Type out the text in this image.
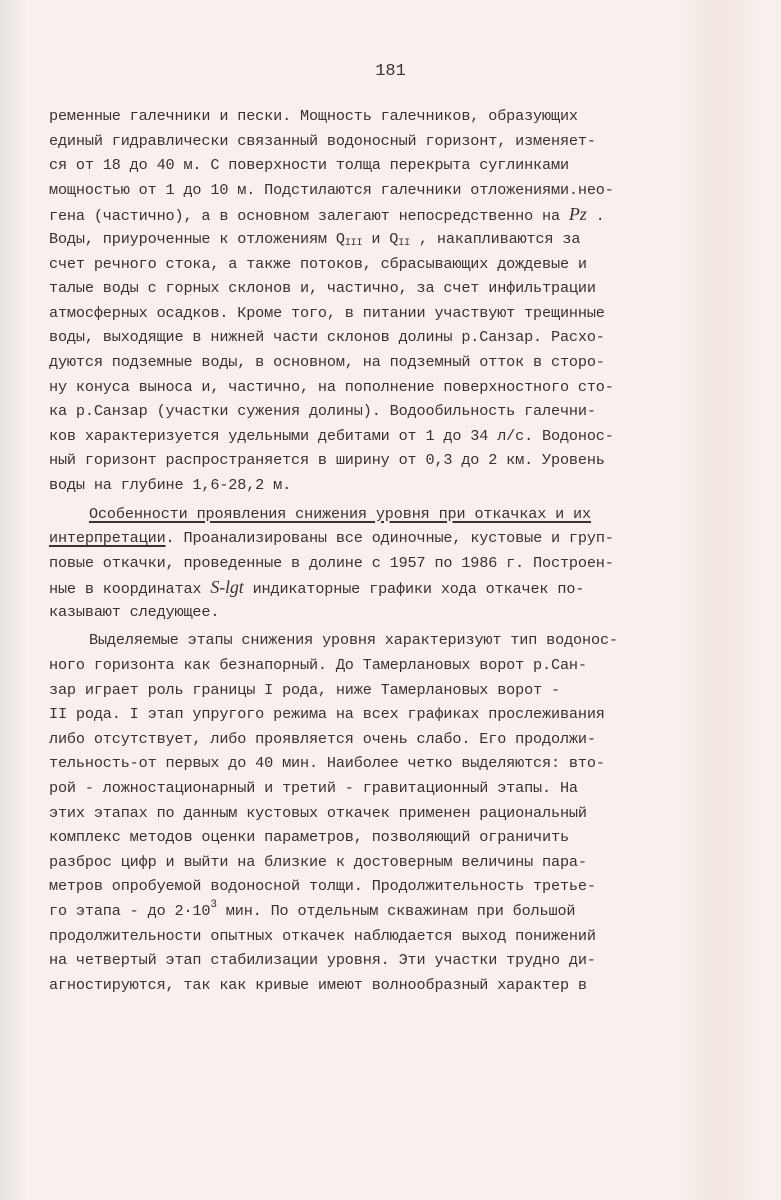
181
ременные галечники и пески. Мощность галечников, образующих
единый гидравлически связанный водоносный горизонт, изменяет-
ся от 18 до 40 м. С поверхности толща перекрыта суглинками
мощностью от 1 до 10 м. Подстилаются галечники отложениями.нео-
гена (частично), а в основном залегают непосредственно на Pz .
Воды, приуроченные к отложениям $Q_{III}$ и $Q_{II}$ , накапливаются за
счет речного стока, а также потоков, сбрасывающих дождевые и
талые воды с горных склонов и, частично, за счет инфильтрации
атмосферных осадков. Кроме того, в питании участвуют трещинные
воды, выходящие в нижней части склонов долины р.Санзар. Расхо-
дуются подземные воды, в основном, на подземный отток в сторо-
ну конуса выноса и, частично, на пополнение поверхностного сто-
ка р.Санзар (участки сужения долины). Водообильность галечни-
ков характеризуется удельными дебитами от 1 до 34 л/с. Водонос-
ный горизонт распространяется в ширину от 0,3 до 2 км. Уровень
воды на глубине 1,6-28,2 м.
Особенности проявления снижения уровня при откачках и их
интерпретации. Проанализированы все одиночные, кустовые и груп-
повые откачки, проведенные в долине с 1957 по 1986 г. Построен-
ные в координатах S-lgt индикаторные графики хода откачек по-
казывают следующее.
Выделяемые этапы снижения уровня характеризуют тип водонос-
ного горизонта как безнапорный. До Тамерлановых ворот р.Сан-
зар играет роль границы I рода, ниже Тамерлановых ворот -
II рода. I этап упругого режима на всех графиках прослеживания
либо отсутствует, либо проявляется очень слабо. Его продолжи-
тельность-от первых до 40 мин. Наиболее четко выделяются: вто-
рой - ложностационарный и третий - гравитационный этапы. На
этих этапах по данным кустовых откачек применен рациональный
комплекс методов оценки параметров, позволяющий ограничить
разброс цифр и выйти на близкие к достоверным величины пара-
метров опробуемой водоносной толщи. Продолжительность третье-
го этапа - до $2\cdot 10^3$ мин. По отдельным скважинам при большой
продолжительности опытных откачек наблюдается выход понижений
на четвертый этап стабилизации уровня. Эти участки трудно ди-
агностируются, так как кривые имеют волнообразный характер в
